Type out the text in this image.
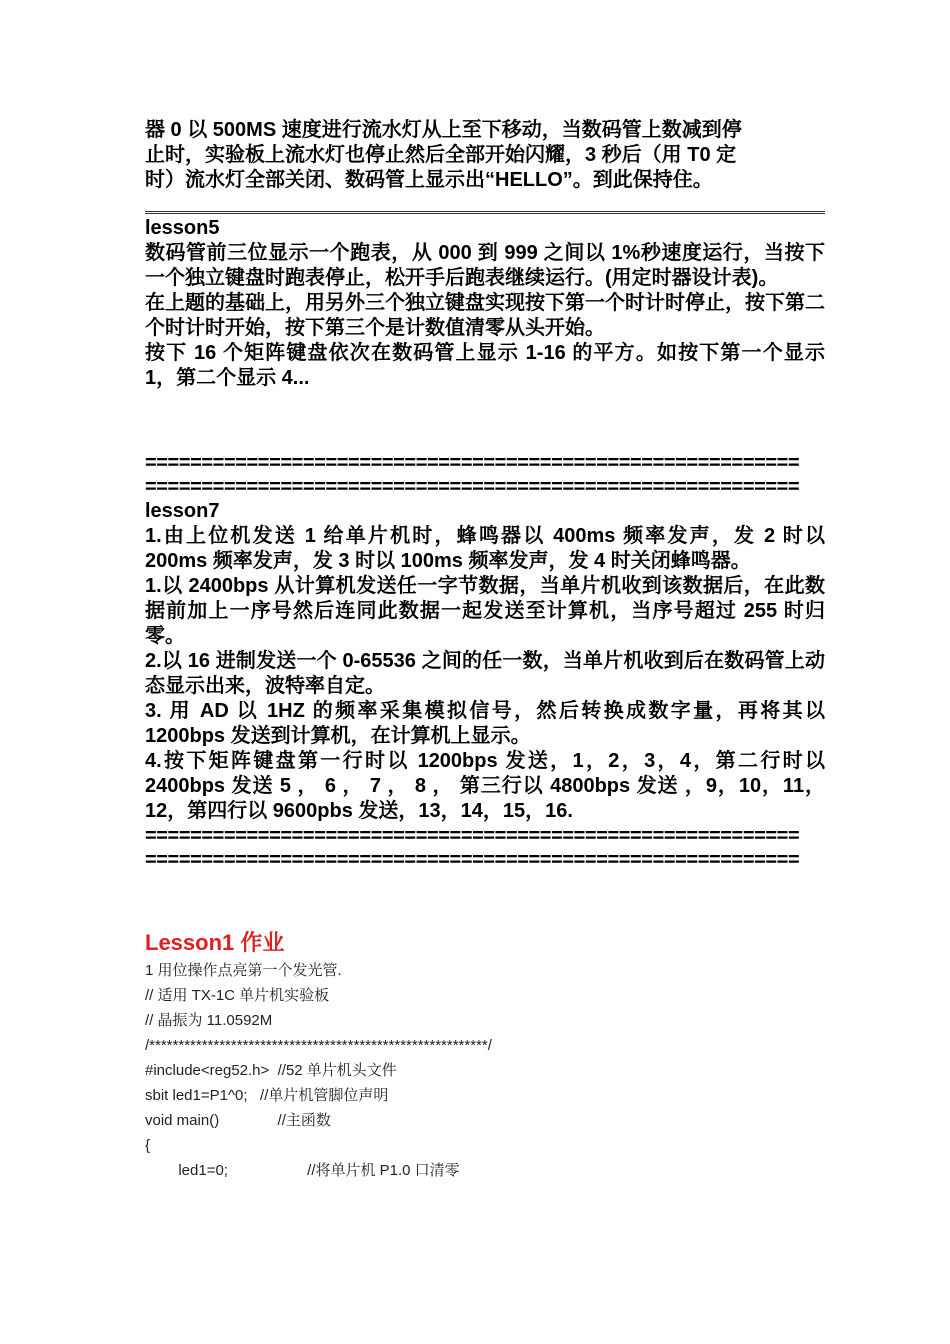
器 0 以 500MS 速度进行流水灯从上至下移动，当数码管上数减到停

止时，实验板上流水灯也停止然后全部开始闪耀，3 秒后（用 T0 定

时）流水灯全部关闭、数码管上显示出“HELLO”。到此保持住。

lesson5

数码管前三位显示一个跑表，从 000 到 999 之间以 1%秒速度运行，当按下一个独立键盘时跑表停止，松开手后跑表继续运行。(用定时器设计表)。

在上题的基础上，用另外三个独立键盘实现按下第一个时计时停止，按下第二个时计时开始，按下第三个是计数值清零从头开始。

按下 16 个矩阵键盘依次在数码管上显示 1-16 的平方。如按下第一个显示 1，第二个显示 4...

==========================================================
==========================================================

lesson7

1.由上位机发送 1 给单片机时，蜂鸣器以 400ms 频率发声，发 2 时以 200ms 频率发声，发 3 时以 100ms 频率发声，发 4 时关闭蜂鸣器。

1.以 2400bps 从计算机发送任一字节数据，当单片机收到该数据后，在此数据前加上一序号然后连同此数据一起发送至计算机，当序号超过 255 时归零。

2.以 16 进制发送一个 0-65536 之间的任一数，当单片机收到后在数码管上动态显示出来，波特率自定。

3. 用 AD 以 1HZ 的频率采集模拟信号，然后转换成数字量，再将其以 1200bps 发送到计算机，在计算机上显示。

4.按下矩阵键盘第一行时以 1200bps 发送，1，2，3，4，第二行时以 2400bps 发送 5 ， 6 ， 7 ， 8 ， 第三行以 4800bps 发送 ，9，10，11，12，第四行以 9600pbs 发送，13，14，15，16.

==========================================================
==========================================================

Lesson1 作业

1 用位操作点亮第一个发光管.

// 适用 TX-1C 单片机实验板

// 晶振为 11.0592M

/**********************************************************/

#include<reg52.h>  //52 单片机头文件

sbit led1=P1^0;   //单片机管脚位声明

void main()              //主函数

{

led1=0;                   //将单片机 P1.0 口清零
